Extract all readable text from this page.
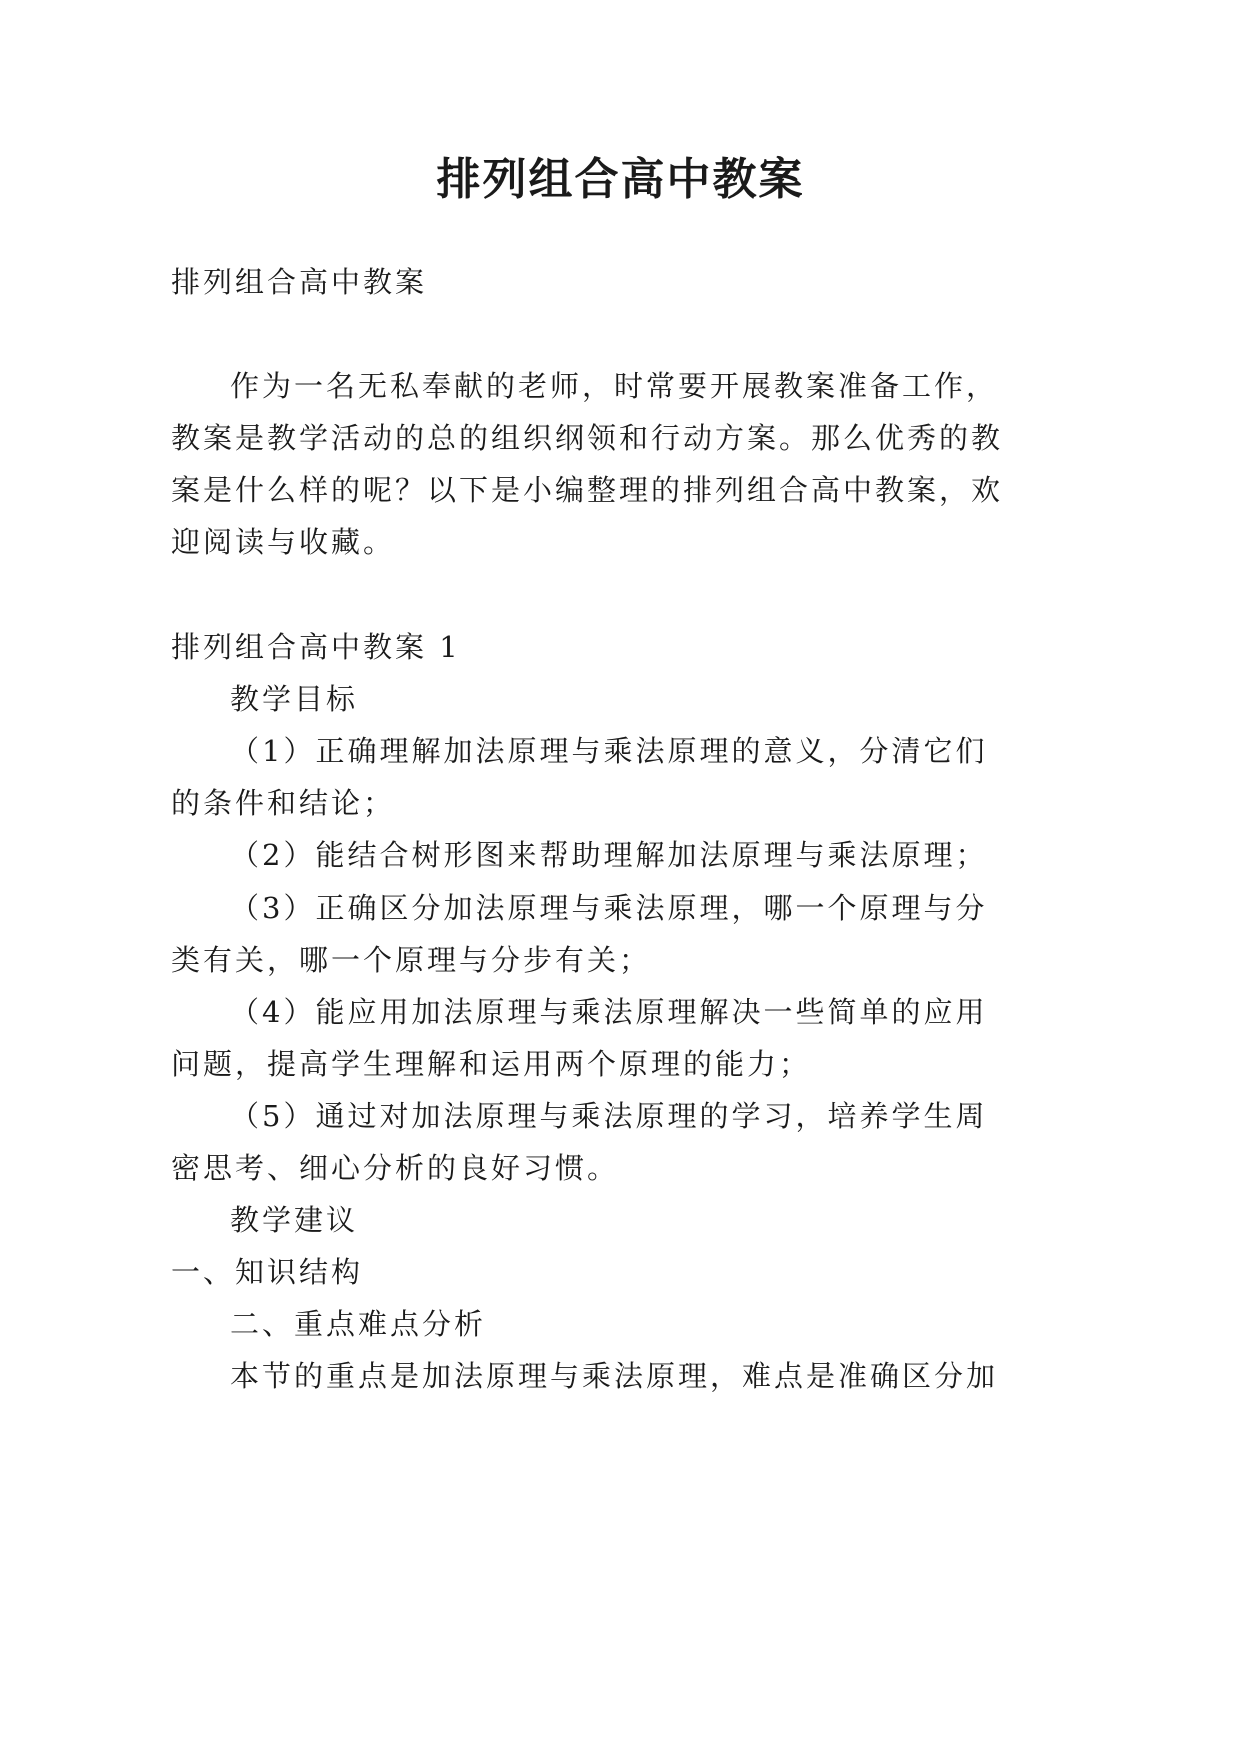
排列组合高中教案
排列组合高中教案
作为一名无私奉献的老师，时常要开展教案准备工作，
教案是教学活动的总的组织纲领和行动方案。那么优秀的教
案是什么样的呢？以下是小编整理的排列组合高中教案，欢
迎阅读与收藏。
排列组合高中教案 1
教学目标
（1）正确理解加法原理与乘法原理的意义，分清它们
的条件和结论；
（2）能结合树形图来帮助理解加法原理与乘法原理；
（3）正确区分加法原理与乘法原理，哪一个原理与分
类有关，哪一个原理与分步有关；
（4）能应用加法原理与乘法原理解决一些简单的应用
问题，提高学生理解和运用两个原理的能力；
（5）通过对加法原理与乘法原理的学习，培养学生周
密思考、细心分析的良好习惯。
教学建议
一、知识结构
二、重点难点分析
本节的重点是加法原理与乘法原理，难点是准确区分加
